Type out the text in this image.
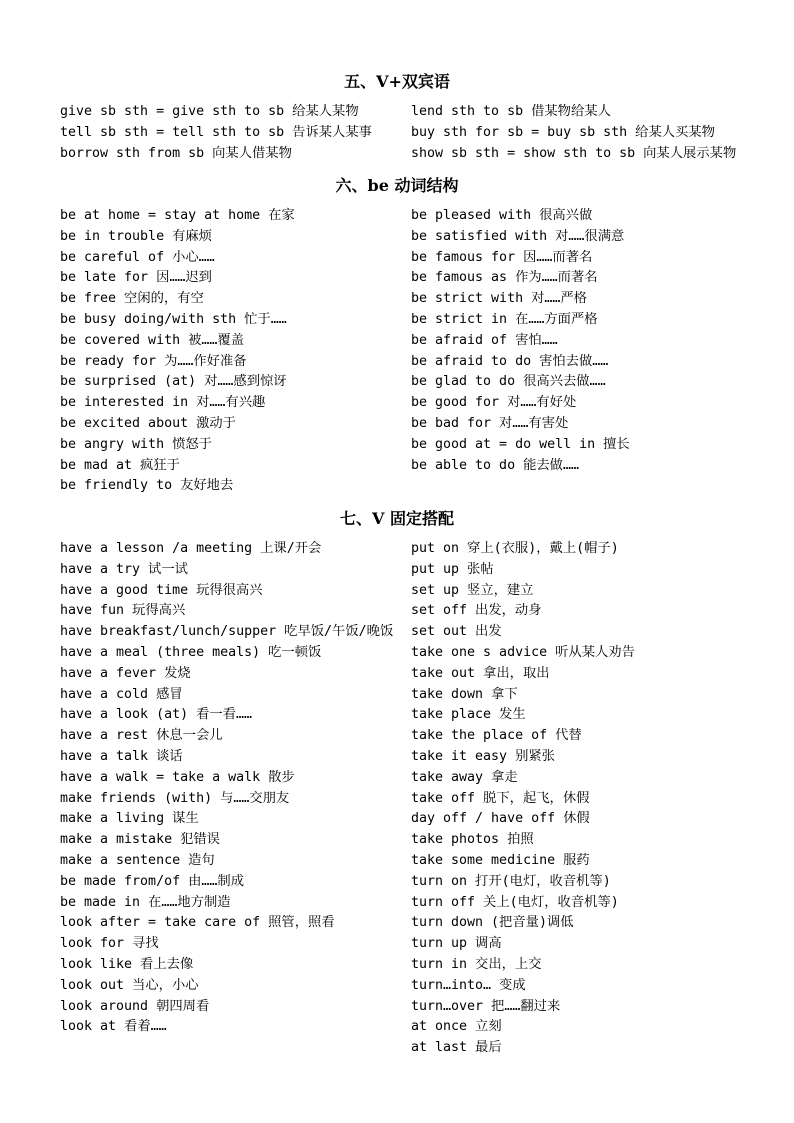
五、V+双宾语
give sb sth = give sth to sb 给某人某物
tell sb sth = tell sth to sb 告诉某人某事
borrow sth from sb 向某人借某物
lend sth to sb 借某物给某人
buy sth for sb = buy sb sth 给某人买某物
show sb sth = show sth to sb 向某人展示某物
六、be 动词结构
be at home = stay at home 在家
be in trouble 有麻烦
be careful of 小心……
be late for 因……迟到
be free 空闲的，有空
be busy doing/with sth 忙于……
be covered with 被……覆盖
be ready for 为……作好准备
be surprised (at) 对……感到惊讶
be interested in 对……有兴趣
be excited about 激动于
be angry with 愤怒于
be mad at 疯狂于
be friendly to 友好地去
be pleased with 很高兴做
be satisfied with 对……很满意
be famous for 因……而著名
be famous as 作为……而著名
be strict with 对……严格
be strict in 在……方面严格
be afraid of 害怕……
be afraid to do 害怕去做……
be glad to do 很高兴去做……
be good for 对……有好处
be bad for 对……有害处
be good at = do well in 擅长
be able to do 能去做……
七、V 固定搭配
have a lesson /a meeting 上课/开会
have a try 试一试
have a good time 玩得很高兴
have fun 玩得高兴
have breakfast/lunch/supper 吃早饭/午饭/晚饭
have a meal (three meals) 吃一顿饭
have a fever 发烧
have a cold 感冒
have a look (at) 看一看……
have a rest 休息一会儿
have a talk 谈话
have a walk = take a walk 散步
make friends (with) 与……交朋友
make a living 谋生
make a mistake 犯错误
make a sentence 造句
be made from/of 由……制成
be made in 在……地方制造
look after = take care of 照管，照看
look for 寻找
look like 看上去像
look out 当心，小心
look around 朝四周看
look at 看着……
put on 穿上(衣服)，戴上(帽子)
put up 张帖
set up 竖立，建立
set off 出发，动身
set out 出发
take one s advice 听从某人劝告
take out 拿出，取出
take down 拿下
take place 发生
take the place of 代替
take it easy 别紧张
take away 拿走
take off 脱下，起飞，休假
day off / have off 休假
take photos 拍照
take some medicine 服药
turn on 打开(电灯，收音机等)
turn off 关上(电灯，收音机等)
turn down (把音量)调低
turn up 调高
turn in 交出，上交
turn…into… 变成
turn…over 把……翻过来
at once 立刻
at last 最后
